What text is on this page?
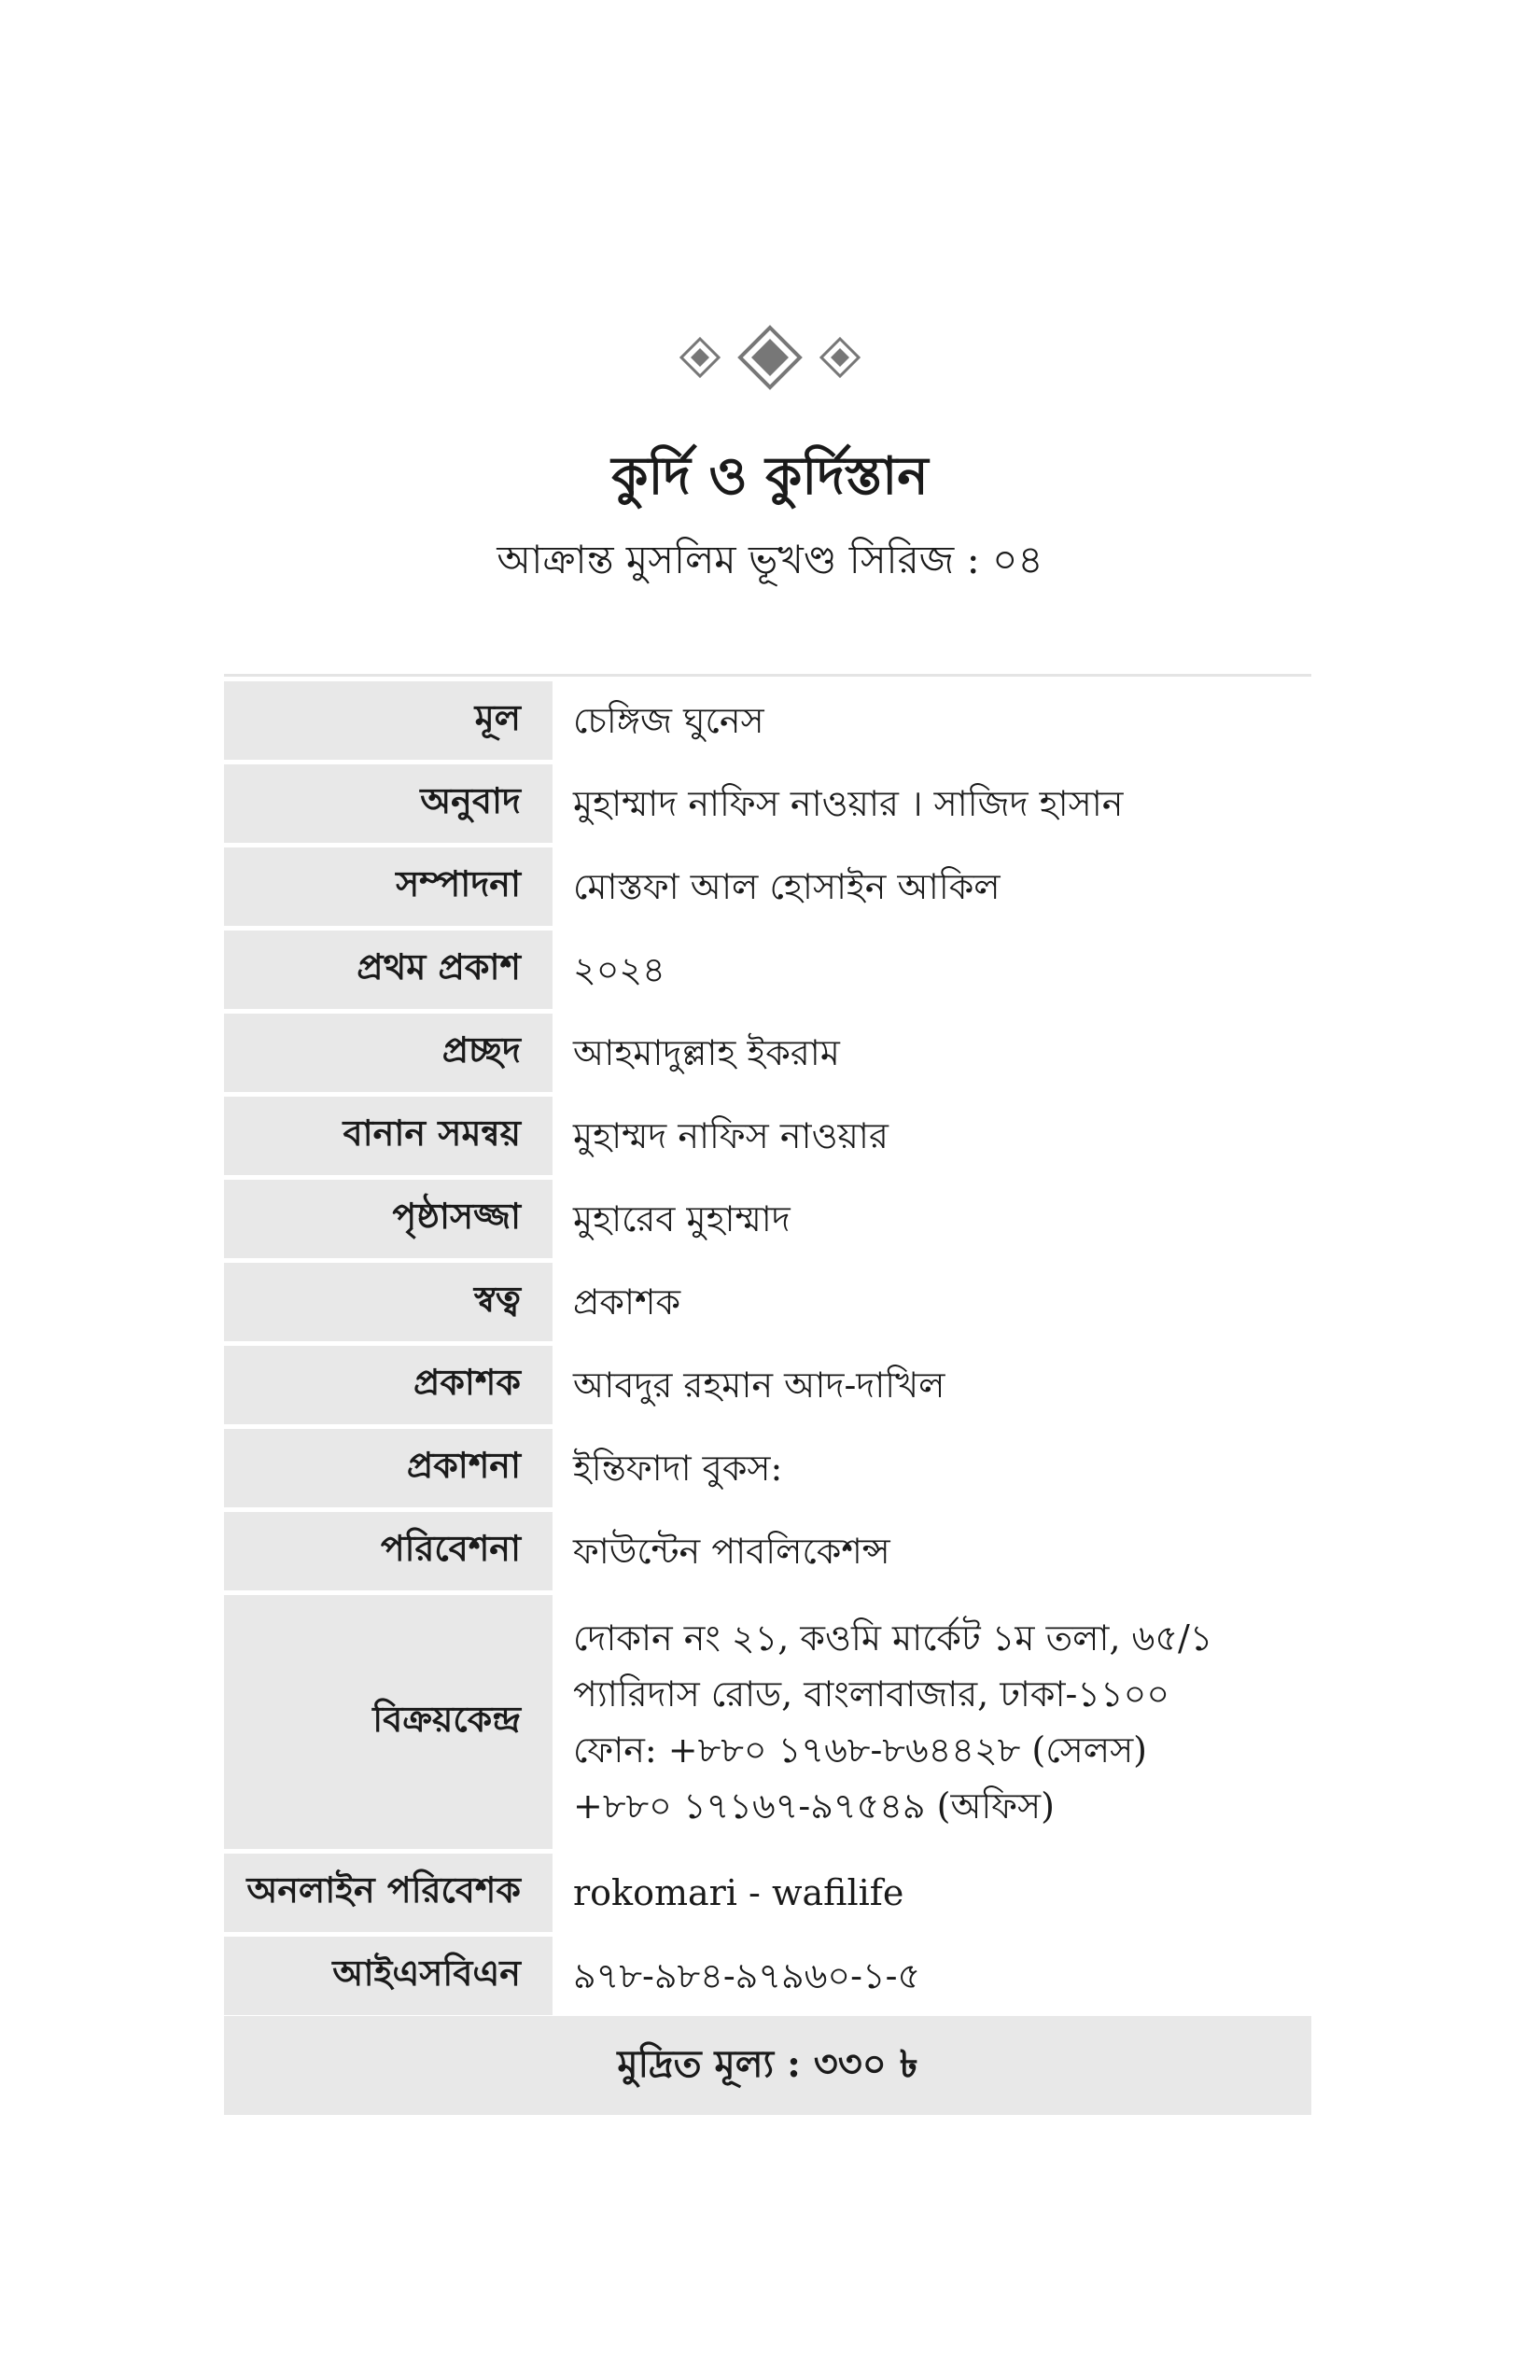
কুর্দি ও কুর্দিস্তান
আক্রান্ত মুসলিম ভূখণ্ড সিরিজ : ০৪
মূল	চেঙ্গিজ ঘুনেস
অনুবাদ	মুহাম্মাদ নাফিস নাওয়ার । সাজিদ হাসান
সম্পাদনা	মোস্তফা আল হোসাইন আকিল
প্রথম প্রকাশ	২০২৪
প্রচ্ছদ	আহমাদুল্লাহ ইকরাম
বানান সমন্বয়	মুহাম্মদ নাফিস নাওয়ার
পৃষ্ঠাসজ্জা	মুহারেব মুহাম্মাদ
স্বত্ব	প্রকাশক
প্রকাশক	আবদুর রহমান আদ-দাখিল
প্রকাশনা	ইন্তিফাদা বুকস:
পরিবেশনা	ফাউন্টেন পাবলিকেশন্স
বিক্রয়কেন্দ্র	দোকান নং ২১, কওমি মার্কেট ১ম তলা, ৬৫/১
প্যারিদাস রোড, বাংলাবাজার, ঢাকা-১১০০
ফোন: +৮৮০ ১৭৬৮-৮৬৪৪২৮ (সেলস)
+৮৮০ ১৭১৬৭-৯৭৫৪৯ (অফিস)

অনলাইন পরিবেশক	rokomari - wafilife
আইএসবিএন	৯৭৮-৯৮৪-৯৭৯৬০-১-৫
মুদ্রিত মূল্য : ৩৩০ ৳
